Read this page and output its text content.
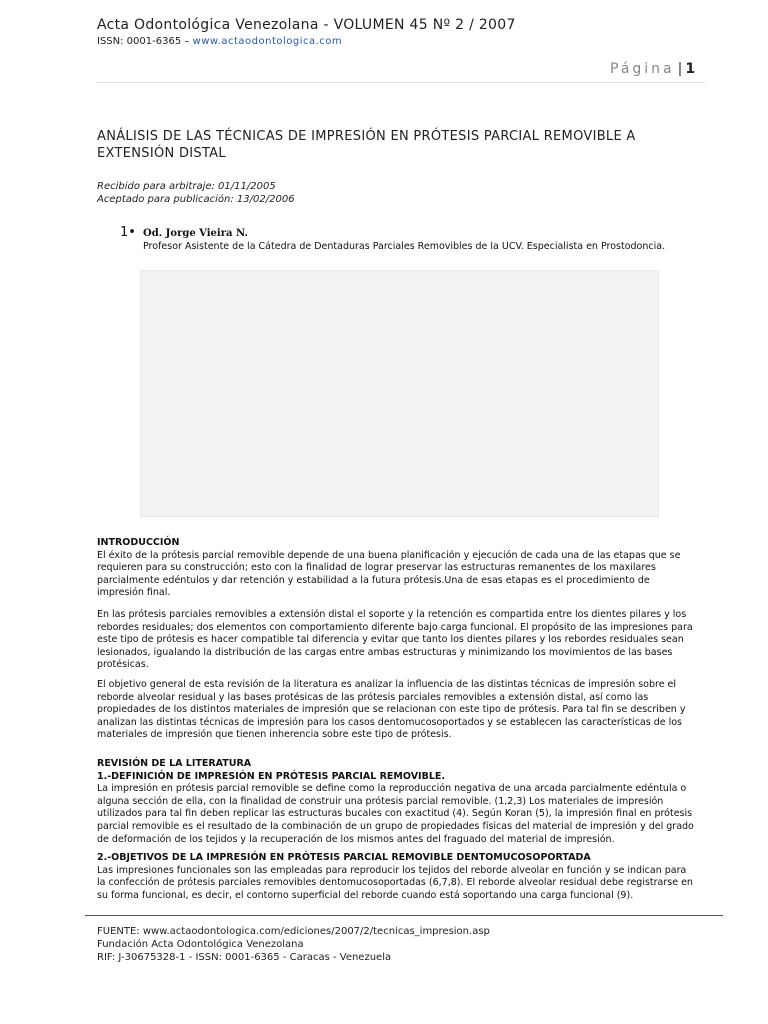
Acta Odontológica Venezolana - VOLUMEN 45 Nº 2 / 2007
ISSN: 0001-6365 – www.actaodontologica.com
Página | 1
ANÁLISIS DE LAS TÉCNICAS DE IMPRESIÓN EN PRÓTESIS PARCIAL REMOVIBLE A EXTENSIÓN DISTAL
Recibido para arbitraje: 01/11/2005
Aceptado para publicación: 13/02/2006
1• Od. Jorge Vieira N.
Profesor Asistente de la Cátedra de Dentaduras Parciales Removibles de la UCV. Especialista en Prostodoncia.
INTRODUCCIÓN
El éxito de la prótesis parcial removible depende de una buena planificación y ejecución de cada una de las etapas que se requieren para su construcción; esto con la finalidad de lograr preservar las estructuras remanentes de los maxilares parcialmente edéntulos y dar retención y estabilidad a la futura prótesis.Una de esas etapas es el procedimiento de impresión final.
En las prótesis parciales removibles a extensión distal el soporte y la retención es compartida entre los dientes pilares y los rebordes residuales; dos elementos con comportamiento diferente bajo carga funcional. El propósito de las impresiones para este tipo de prótesis es hacer compatible tal diferencia y evitar que tanto los dientes pilares y los rebordes residuales sean lesionados, igualando la distribución de las cargas entre ambas estructuras y minimizando los movimientos de las bases protésicas.
El objetivo general de esta revisión de la literatura es analizar la influencia de las distintas técnicas de impresión sobre el reborde alveolar residual y las bases protésicas de las prótesis parciales removibles a extensión distal, así como las propiedades de los distintos materiales de impresión que se relacionan con este tipo de prótesis. Para tal fin se describen y analizan las distintas técnicas de impresión para los casos dentomucosoportados y se establecen las características de los materiales de impresión que tienen inherencia sobre este tipo de prótesis.
REVISIÓN DE LA LITERATURA
1.-DEFINICIÓN DE IMPRESIÓN EN PRÓTESIS PARCIAL REMOVIBLE.
La impresión en prótesis parcial removible se define como la reproducción negativa de una arcada parcialmente edéntula o alguna sección de ella, con la finalidad de construir una prótesis parcial removible. (1,2,3) Los materiales de impresión utilizados para tal fin deben replicar las estructuras bucales con exactitud (4). Según Koran (5), la impresión final en prótesis parcial removible es el resultado de la combinación de un grupo de propiedades físicas del material de impresión y del grado de deformación de los tejidos y la recuperación de los mismos antes del fraguado del material de impresión.
2.-OBJETIVOS DE LA IMPRESIÓN EN PRÓTESIS PARCIAL REMOVIBLE DENTOMUCOSOPORTADA
Las impresiones funcionales son las empleadas para reproducir los tejidos del reborde alveolar en función y se indican para la confección de prótesis parciales removibles dentomucosoportadas (6,7,8). El reborde alveolar residual debe registrarse en su forma funcional, es decir, el contorno superficial del reborde cuando está soportando una carga funcional (9).
FUENTE: www.actaodontologica.com/ediciones/2007/2/tecnicas_impresion.asp
Fundación Acta Odontológica Venezolana
RIF: J-30675328-1 - ISSN: 0001-6365 - Caracas - Venezuela
